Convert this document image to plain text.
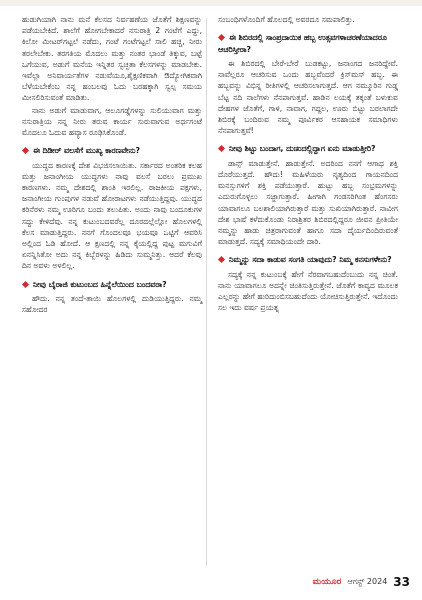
ಹುಡುಗಿಯಾಗಿ ನಾನು ಮನೆ ಕೆಲಸದ ನಿರ್ವಹಣೆಯ ಜೊತೆಗೆ ಶಿಕ್ಷಣವನ್ನು ಪಡೆಯಬೇಕಿದೆ. ಶಾಲೆಗೆ ಹೋಗಬೇಕಾದರೆ ನಸುರಾತ್ರಿ 2 ಗಂಟೆಗೆ ಎದ್ದು, ಕಿಲೋ ಮೀಟರ್‌ಗಟ್ಟಲೆ ನಡೆದು, ಗಂಟೆ ಗಂಟೆಗಟ್ಟಲೆ ಸಾಲಿ ಹಚ್ಚಿ, ನೀರು ತರಲೇಬೇಕು. ತರಗತಿಯ ಮೊದಲು ಮತ್ತು ನಂತರ ಭಾಂಡೆ ತಿಕ್ಕುವ, ಬಟ್ಟೆ ಒಗೆಯುವ, ಅಡುಗೆ ಮನೆಯ ಇನ್ನಿತರ ಸ್ವಚ್ಛತಾ ಕೆಲಸಗಳನ್ನು ಮಾಡಬೇಕು. ಇವೆಲ್ಲಾ ಅನಿವಾರ್ಯತೆಗಳ ನಡುವೆಯೂ,ಶೈಕ್ಷಣಿಕವಾಗಿ ಔದ್ಯೋಗಿಕವಾಗಿ ಬೆಳೆಯಬೇಕೆಂಬ ನನ್ನ ಹಂಬಲವು ಓದು ಬರಹಕ್ಕಾಗಿ ಸ್ವಲ್ಪ ಸಮಯ ಮೀಸಲಿರಿಸುವಂತೆ ಮಾಡಿತು.

ನಾನು ಅಡುಗೆ ಮಾಡುವಾಗ, ಆಲೂಗಡ್ಡೆಗಳನ್ನು ಸುಲಿಯುವಾಗ ಮತ್ತು ನಸುರಾತ್ರಿಯ ನನ್ನ ನೀರು ತರುವ ಕಾರ್ಯ ಸುರುವಾಗುವ ಅರ್ಧಗಂಟೆ ಮೊದಲೂ ಓದುವ ಹವ್ಯಾಸ ರೂಢಿಸಿಕೊಂಡೆ.

ಈ ದಿಡೀರ್ ವಲಸೆಗೆ ಮುಖ್ಯ ಕಾರಣವೇನು?

ಯುದ್ಧದ ಕಾರಣಕ್ಕೆ ದೇಶ ವಿಭಜಿಸಲಾಯಿತು. ಸರ್ಕಾರದ ಅಂತರಿಕ ಕಲಹ ಮತ್ತು ಜನಾಂಗೀಯ ಯುದ್ಧಗಳು ನಾವು ವಲಸೆ ಬರಲು ಪ್ರಮುಖ ಕಾರಣಗಳು. ನಮ್ಮ ದೇಶದಲ್ಲಿ ಶಾಂತಿ ಇರಲಿಲ್ಲ. ರಾಜಕೀಯ ಪಕ್ಷಗಳು, ಜನಾಂಗೀಯ ಗುಂಪುಗಳ ನಡುವೆ ಹೋರಾಟಗಳು ನಡೆಯುತ್ತಿದ್ದವು. ಯುದ್ಧದ ಕರಿನೆರಳು ನಮ್ಮ ಊರಿಗೂ ಬಂದು ತಲುಪಿತು. ಅಂದು ನಾವು ಬಂದೂಕುಗಳ ಸದ್ದು ಕೇಳಿದೆವು. ನನ್ನ ಕುಟುಂಬದವರೆಲ್ಲ ದೂರದಲ್ಲೆಲ್ಲೋ ಹೊಲಗಳಲ್ಲಿ ಕೆಲಸ ಮಾಡುತ್ತಿದ್ದರು. ನನಗೆ ಗೊಂದಲವೂ ಭಯವೂ ಒಟ್ಟಿಗೆ ಆವರಿಸಿ ಅಲ್ಲಿಂದ ಓಡಿ ಹೋದೆ. ಆ ಕ್ಷಣದಲ್ಲಿ ನನ್ನ ಕೈಯಲ್ಲಿದ್ದ ಪುಟ್ಟ ಮಗುವಿಗೆ ಏನನ್ನಿಸಿತೋ ಅದು ನನ್ನ ಕಿಬ್ಬೆರಳನ್ನು ಹಿಡಿದು ಸುಮ್ಮನಿತ್ತು. ಆದರೆ ಕೆಲವು ದಿನ ಅವಳು ಅಳಲಿಲ್ಲ.

ನೀವು ಬೈರಾಜಿ ಕುಟುಂಬದ ಹಿನ್ನೆಲೆಯಿಂದ ಬಂದವರಾ?

ಹೌದು. ನನ್ನ ತಂದೆ-ತಾಯಿ ಹೊಲಗಳಲ್ಲಿ ದುಡಿಯುತ್ತಿದ್ದರು. ನಮ್ಮ ಸಹೋದರ

ಸಂಬಂಧಿಗಳೊಂದಿಗೆ ಹೊಲದಲ್ಲಿ ಅವರದೂ ಸಮಪಾಲಿತ್ತು.

ಈ ಶಿಬಿರದಲ್ಲಿ ಸಾಂಪ್ರದಾಯಿಕ ಹಬ್ಬ ಉತ್ಸವಗಳಾಚರಣೆಯಾದರೂ ಆಚರಿಸ್ತೀರಾ?

ಈ ಶಿಬಿರದಲ್ಲಿ ಬೇರೆ-ಬೇರೆ ಬುಡಕಟ್ಟು, ಜನಾಂಗದ ಜನರಿದ್ದೇವೆ. ನಾವೆಲ್ಲರೂ ಆಚರಿಸುವ ಒಂದು ಹಬ್ಬವೆಂದರೆ ಕ್ರಿಸ್‌ಮಸ್ ಹಬ್ಬ. ಈ ಹಬ್ಬವನ್ನು ವಿಭಿನ್ನ ರೀತಿಗಳಲ್ಲಿ ಆಚರಿಸಲಾಗುತ್ತದೆ. ಆಗ ನಮ್ಮೂರಿನ ಗುಡ್ಡ ಬೆಟ್ಟ ನದಿ ನಾಲೆಗಳು ನೆನಪಾಗುತ್ತವೆ. ಹಾಡಿನ ಲಯಕ್ಕೆ ತಕ್ಕಂತೆ ಬಳುಕುವ ದೇಹಗಳ ಜೊತೆಗೆ, ಗಾಳಿ, ನಾವಾಗ, ಗದ್ದಲ, ಊರು ಬಿಟ್ಟು ಬರಲಾಗದೇ ಶಿಬಿರಕ್ಕೆ ಬಂದಿರುವ ನಮ್ಮ ಪೂರ್ವಿಕರ ಆಸಹಾಯಕ ಸಮಾಧಿಗಳು ನೆನಪಾಗುತ್ತವೆ!

ನೀವು ಶಿಟ್ಟು ಬಂದಾಗ, ದುಃಖದಲ್ಲಿದ್ದಾಗ ಏನು ಮಾಡುತ್ತೀರಿ?

ಡಾನ್ಸ್ ಮಾಡುತ್ತೇನೆ. ಹಾಡುತ್ತೇನೆ. ಅದರಿಂದ ನನಗೆ ಆಗಾಧ ಶಕ್ತಿ ದೊರೆಯುತ್ತದೆ. ಹೌದು! ಮಹಿಳೆಯರು ನೃತ್ಯದಿಂದ ಗಾಯನದಿಂದ ಮನಸ್ಸುಗಳಿಗೆ ಶಕ್ತಿ ಪಡೆಯುತ್ತಾರೆ. ಹುಟ್ಟು ಹಬ್ಬ ಸಂಭ್ರಮಗಳನ್ನು ಎದುರುಗೊಳ್ಳಲು ಸಜ್ಜಾಗುತ್ತಾರೆ. ಹೀಗಾಗಿ ಗಂಡಸರಿಗಿಂತ ಹೆಂಗಸರು ಯಾವಾಗಲೂ ಬಲಶಾಲಿಯಾಗಿರುತ್ತಾರೆ ಮತ್ತು ಸುಖಿಯಾಗಿರುತ್ತಾರೆ. ನಾವೀಗ ದೇಶ ಭಾಷೆ ಕಳೆದುಕೊಂಡು ನಿರಾಶ್ರಿತರ ಶಿಬಿರದಲ್ಲಿದ್ದರೂ ಜೀವನ ಪ್ರೀತಿಯೇ ನಮ್ಮನ್ನು ಹಾಡು ಚಿತ್ರರಾಗುವಂತೆ ಹಾಗೂ ಸದಾ ದೈರ್ಯದಿಂದಿರುವಂತೆ ಮಾಡುತ್ತದೆ. ಸದ್ಯಕ್ಕೆ ಸಮಾಧಿಯಂದೇ ದಾರಿ.

ನಿಮ್ಮನ್ನು ಸದಾ ಕಾಡುವ ಸಂಗತಿ ಯಾವುದು? ನಿಮ್ಮ ಕನಸುಗಳೇನು?

ಸದ್ಯಕ್ಕೆ ನನ್ನ ಕುಟುಂಬಕ್ಕೆ ಹೇಗೆ ನೆರವಾಗಬಹುದೆಂಬುದು ನನ್ನ ಚಿಂತೆ. ನಾನು ಯಾವಾಗಲೂ ಅದನ್ನೇ ಚಿಂತಿಸುತ್ತಿರುತ್ತೇನೆ. ಜೊತೆಗೆ ಕಾವ್ಯದ ಮೂಲಕ ಎಲ್ಲರನ್ನು ಹೇಗೆ ಹುರಿದುಂಬಿಸಬಹುದೆಂದು ಯೋಚಿಸುತ್ತಿರುತ್ತೇನೆ. ಇದೊಂದು ಸಲ ಇದು ವರ್ಷ ಪ್ರಯತ್ನ

ಮಯೂರ ಆಗಸ್ಟ್ 2024 33
